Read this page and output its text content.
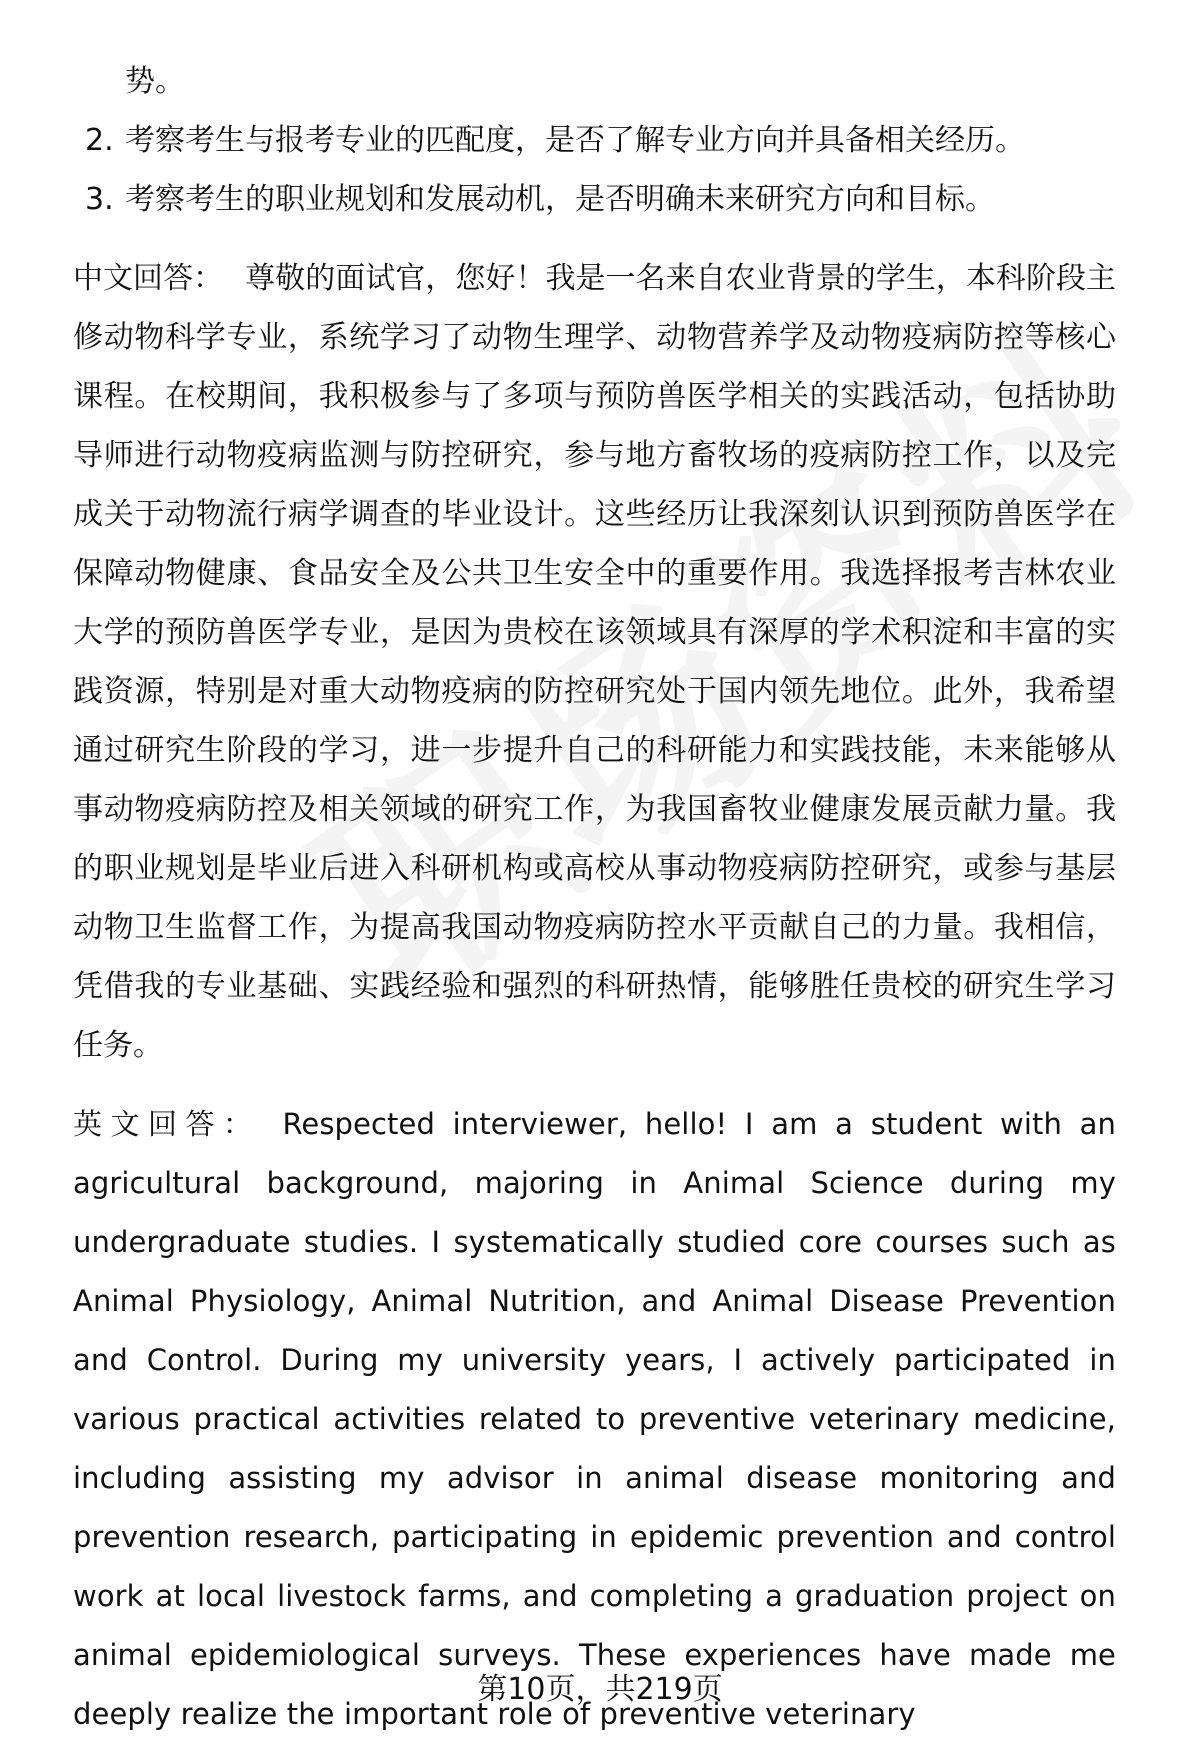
势。

2. 考察考生与报考专业的匹配度，是否了解专业方向并具备相关经历。
3. 考察考生的职业规划和发展动机，是否明确未来研究方向和目标。

中文回答： 尊敬的面试官，您好！我是一名来自农业背景的学生，本科阶段主修动物科学专业，系统学习了动物生理学、动物营养学及动物疫病防控等核心课程。在校期间，我积极参与了多项与预防兽医学相关的实践活动，包括协助导师进行动物疫病监测与防控研究，参与地方畜牧场的疫病防控工作，以及完成关于动物流行病学调查的毕业设计。这些经历让我深刻认识到预防兽医学在保障动物健康、食品安全及公共卫生安全中的重要作用。我选择报考吉林农业大学的预防兽医学专业，是因为贵校在该领域具有深厚的学术积淀和丰富的实践资源，特别是对重大动物疫病的防控研究处于国内领先地位。此外，我希望通过研究生阶段的学习，进一步提升自己的科研能力和实践技能，未来能够从事动物疫病防控及相关领域的研究工作，为我国畜牧业健康发展贡献力量。我的职业规划是毕业后进入科研机构或高校从事动物疫病防控研究，或参与基层动物卫生监督工作，为提高我国动物疫病防控水平贡献自己的力量。我相信，凭借我的专业基础、实践经验和强烈的科研热情，能够胜任贵校的研究生学习任务。

英文回答： Respected interviewer, hello! I am a student with an agricultural background, majoring in Animal Science during my undergraduate studies. I systematically studied core courses such as Animal Physiology, Animal Nutrition, and Animal Disease Prevention and Control. During my university years, I actively participated in various practical activities related to preventive veterinary medicine, including assisting my advisor in animal disease monitoring and prevention research, participating in epidemic prevention and control work at local livestock farms, and completing a graduation project on animal epidemiological surveys. These experiences have made me deeply realize the important role of preventive veterinary

第10页，共219页
